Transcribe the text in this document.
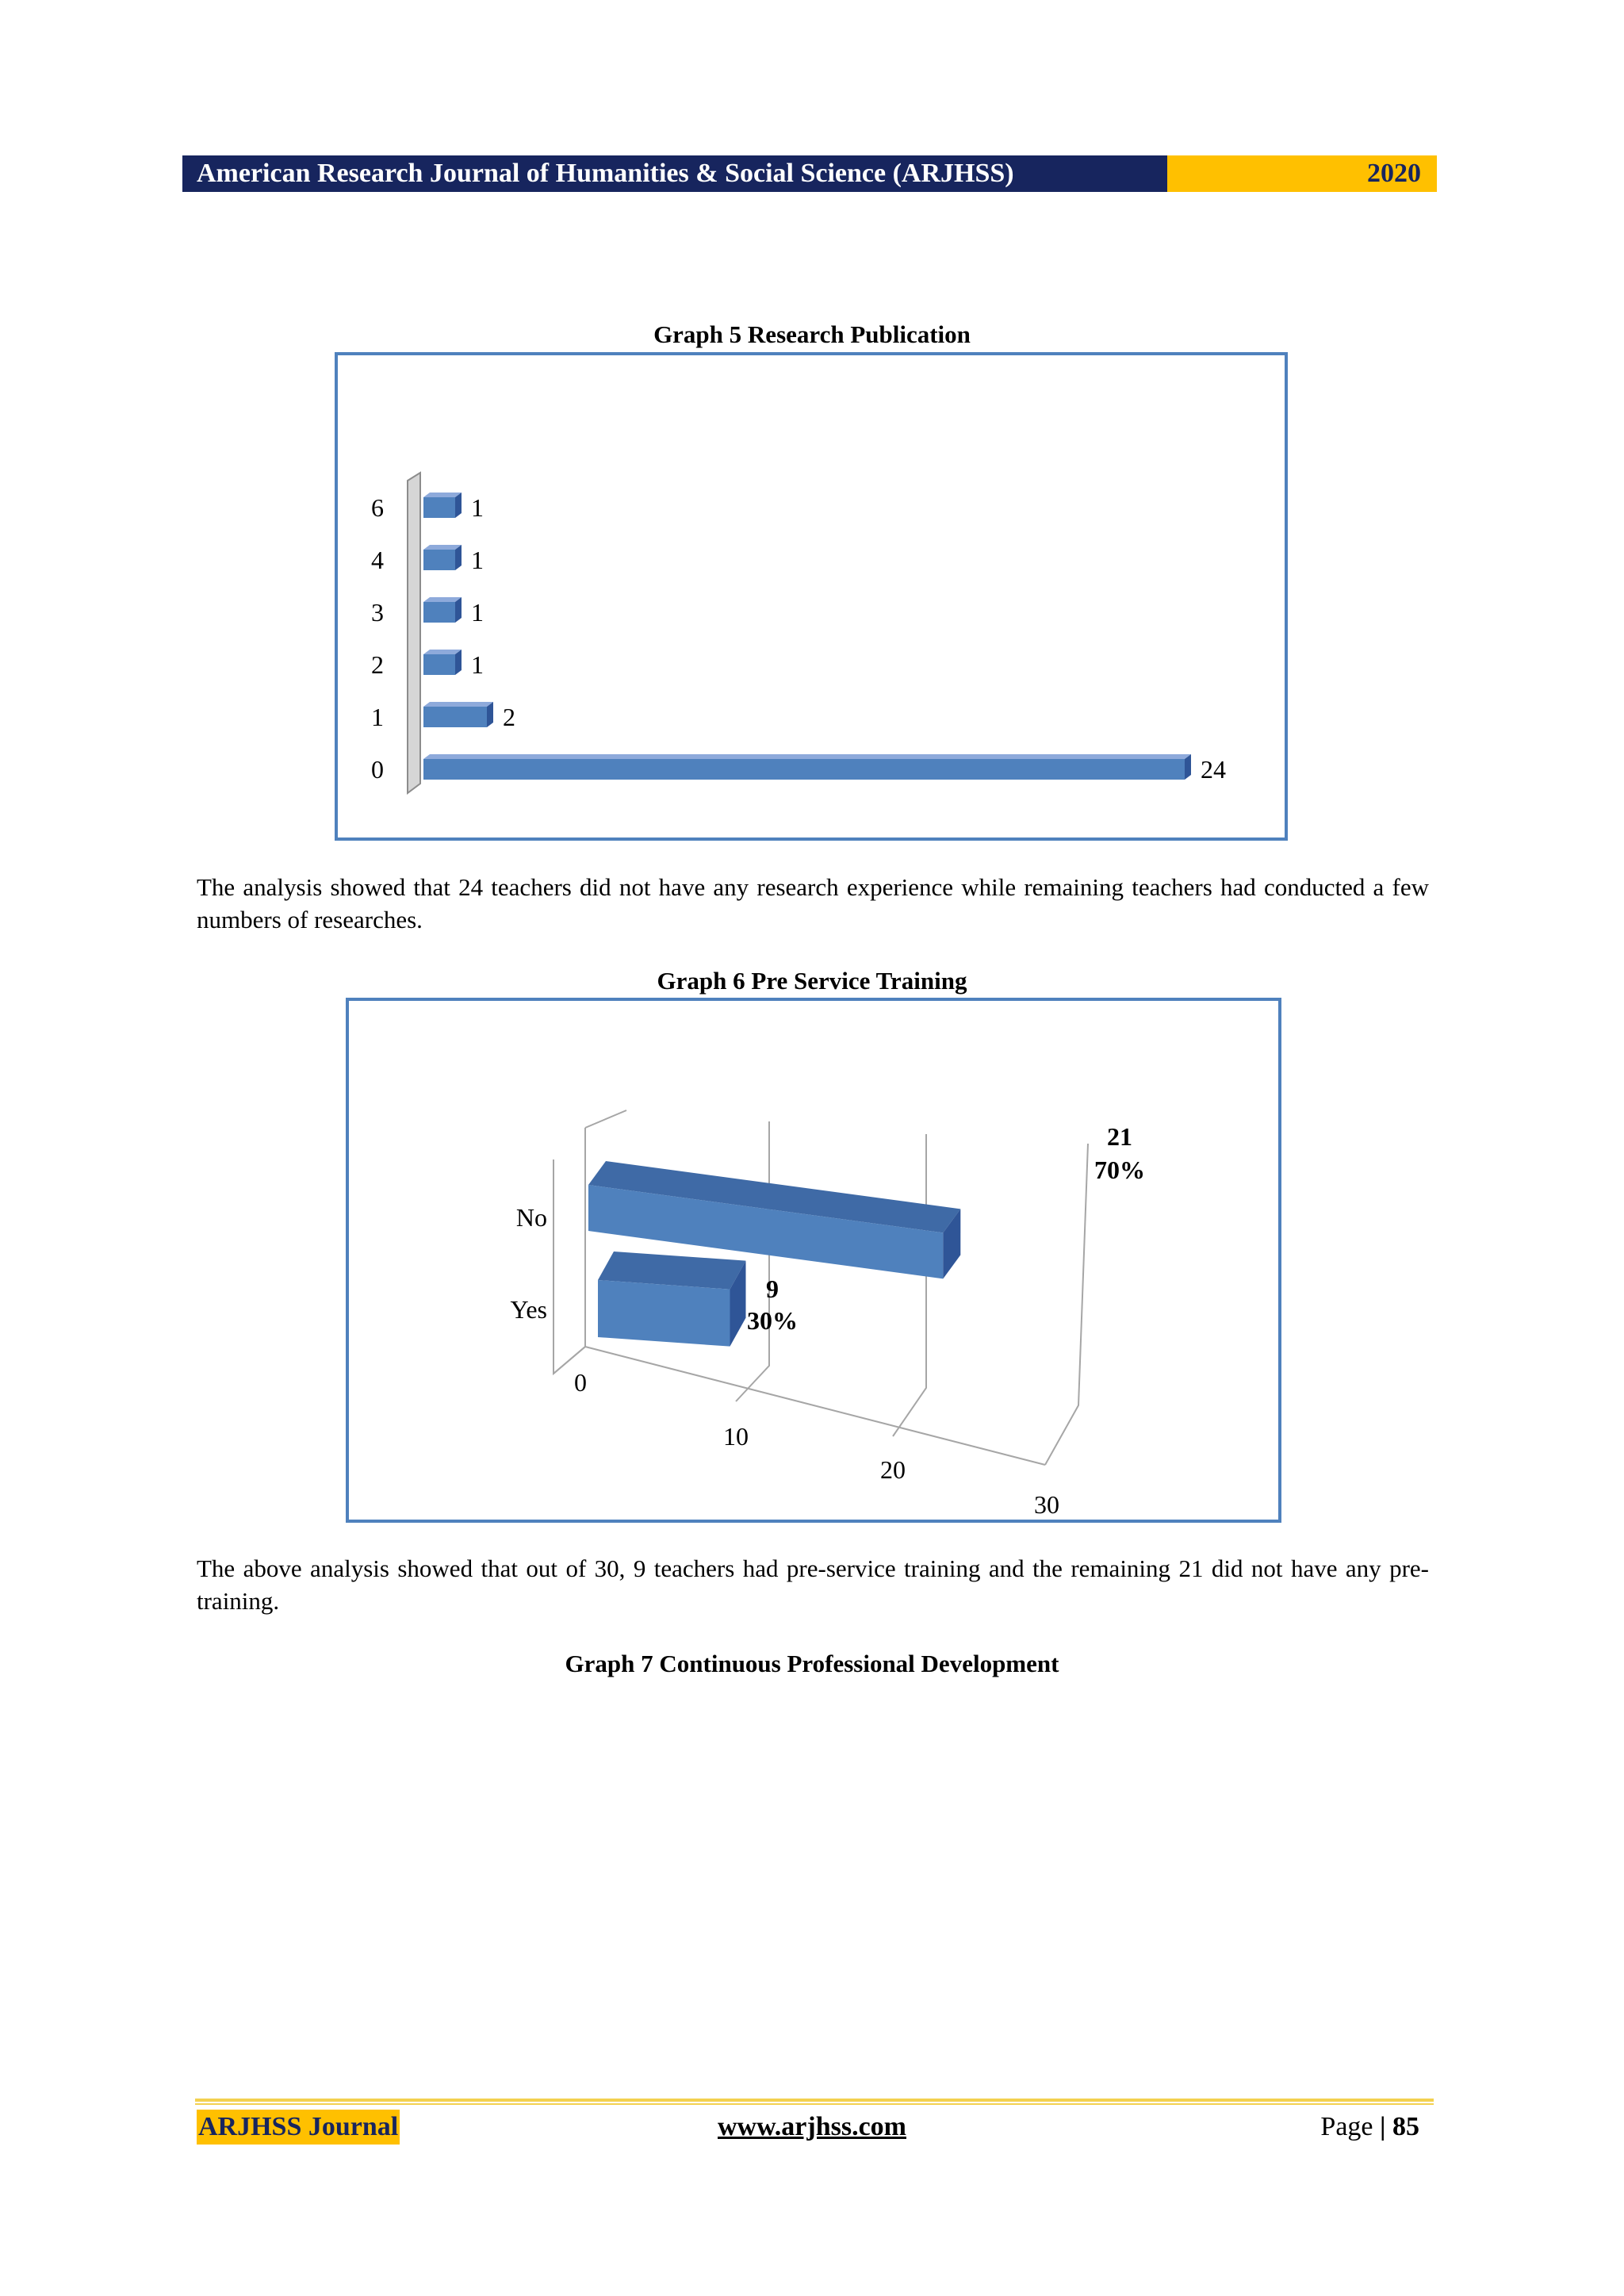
American Research Journal of Humanities & Social Science (ARJHSS)	2020
Graph 5 Research Publication
0	24
1	2
2	1
3	1
4	1
6	1
The analysis showed that 24 teachers did not have any research experience while remaining teachers had conducted a few numbers of researches.
Graph 6 Pre Service Training
0
10
20
30
Yes
No
21
70%
9
30%
The above analysis showed that out of 30, 9 teachers had pre-service training and the remaining 21 did not have any pre-training.
Graph 7 Continuous Professional Development
ARJHSS Journal	www.arjhss.com	Page | 85
